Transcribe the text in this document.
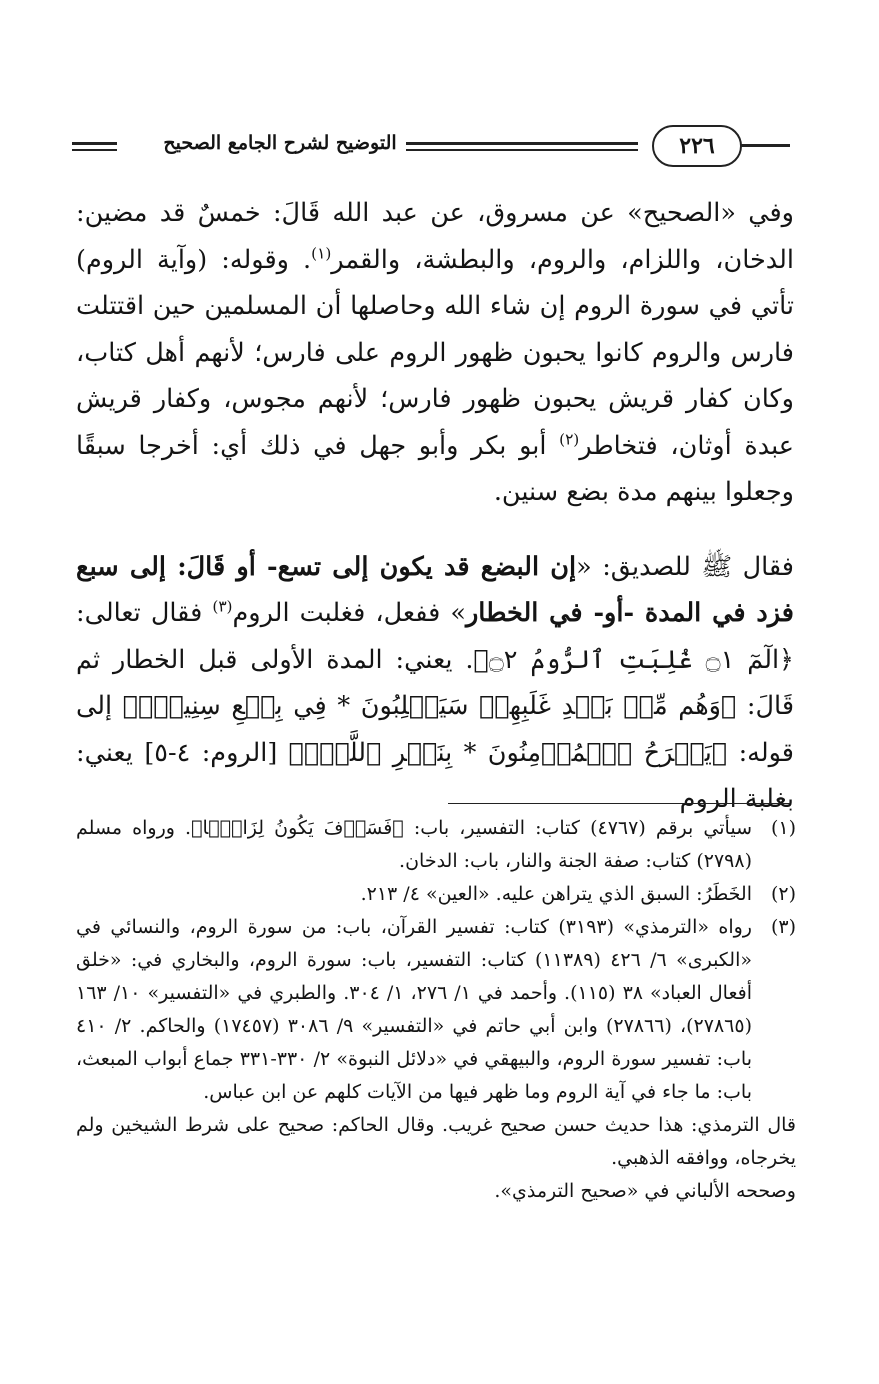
التوضيح لشرح الجامع الصحيح	٢٢٦

وفي «الصحيح» عن مسروق، عن عبد الله قَالَ: خمسٌ قد مضين: الدخان، واللزام، والروم، والبطشة، والقمر$^{(١)}$. وقوله: (وآية الروم) تأتي في سورة الروم إن شاء الله وحاصلها أن المسلمين حين اقتتلت فارس والروم كانوا يحبون ظهور الروم على فارس؛ لأنهم أهل كتاب، وكان كفار قريش يحبون ظهور فارس؛ لأنهم مجوس، وكفار قريش عبدة أوثان، فتخاطر$^{(٢)}$ أبو بكر وأبو جهل في ذلك أي: أخرجا سبقًا وجعلوا بينهم مدة بضع سنين.

فقال ﷺ للصديق: «إن البضع قد يكون إلى تسع- أو قَالَ: إلى سبع فزد في المدة -أو- في الخطار» ففعل، فغلبت الروم$^{(٣)}$ فقال تعالى: ﴿الٓمٓ ۝١ غُلِبَتِ ٱلرُّومُ ۝٢﴾. يعني: المدة الأولى قبل الخطار ثم قَالَ: ﴿وَهُم مِّنۢ بَعۡدِ غَلَبِهِمۡ سَيَغۡلِبُونَ * فِي بِضۡعِ سِنِينَۗ﴾ إلى قوله: ﴿يَفۡرَحُ ٱلۡمُؤۡمِنُونَ * بِنَصۡرِ ٱللَّهِۚ﴾ [الروم: ٤-٥] يعني: بغلبة الروم

(١)
سيأتي برقم (٤٧٦٧) كتاب: التفسير، باب: ﴿فَسَوۡفَ يَكُونُ لِزَامَۢا﴾. ورواه مسلم (٢٧٩٨) كتاب: صفة الجنة والنار، باب: الدخان.
(٢)
الخَطَرُ: السبق الذي يتراهن عليه. «العين» ٤/ ٢١٣.
(٣)
رواه «الترمذي» (٣١٩٣) كتاب: تفسير القرآن، باب: من سورة الروم، والنسائي في «الكبرى» ٦/ ٤٢٦ (١١٣٨٩) كتاب: التفسير، باب: سورة الروم، والبخاري في: «خلق أفعال العباد» ٣٨ (١١٥). وأحمد في ١/ ٢٧٦، ١/ ٣٠٤. والطبري في «التفسير» ١٠/ ١٦٣ (٢٧٨٦٥)، (٢٧٨٦٦) وابن أبي حاتم في «التفسير» ٩/ ٣٠٨٦ (١٧٤٥٧) والحاكم. ٢/ ٤١٠ باب: تفسير سورة الروم، والبيهقي في «دلائل النبوة» ٢/ ٣٣٠-٣٣١ جماع أبواب المبعث، باب: ما جاء في آية الروم وما ظهر فيها من الآيات كلهم عن ابن عباس.

قال الترمذي: هذا حديث حسن صحيح غريب. وقال الحاكم: صحيح على شرط الشيخين ولم يخرجاه، ووافقه الذهبي.

وصححه الألباني في «صحيح الترمذي».
